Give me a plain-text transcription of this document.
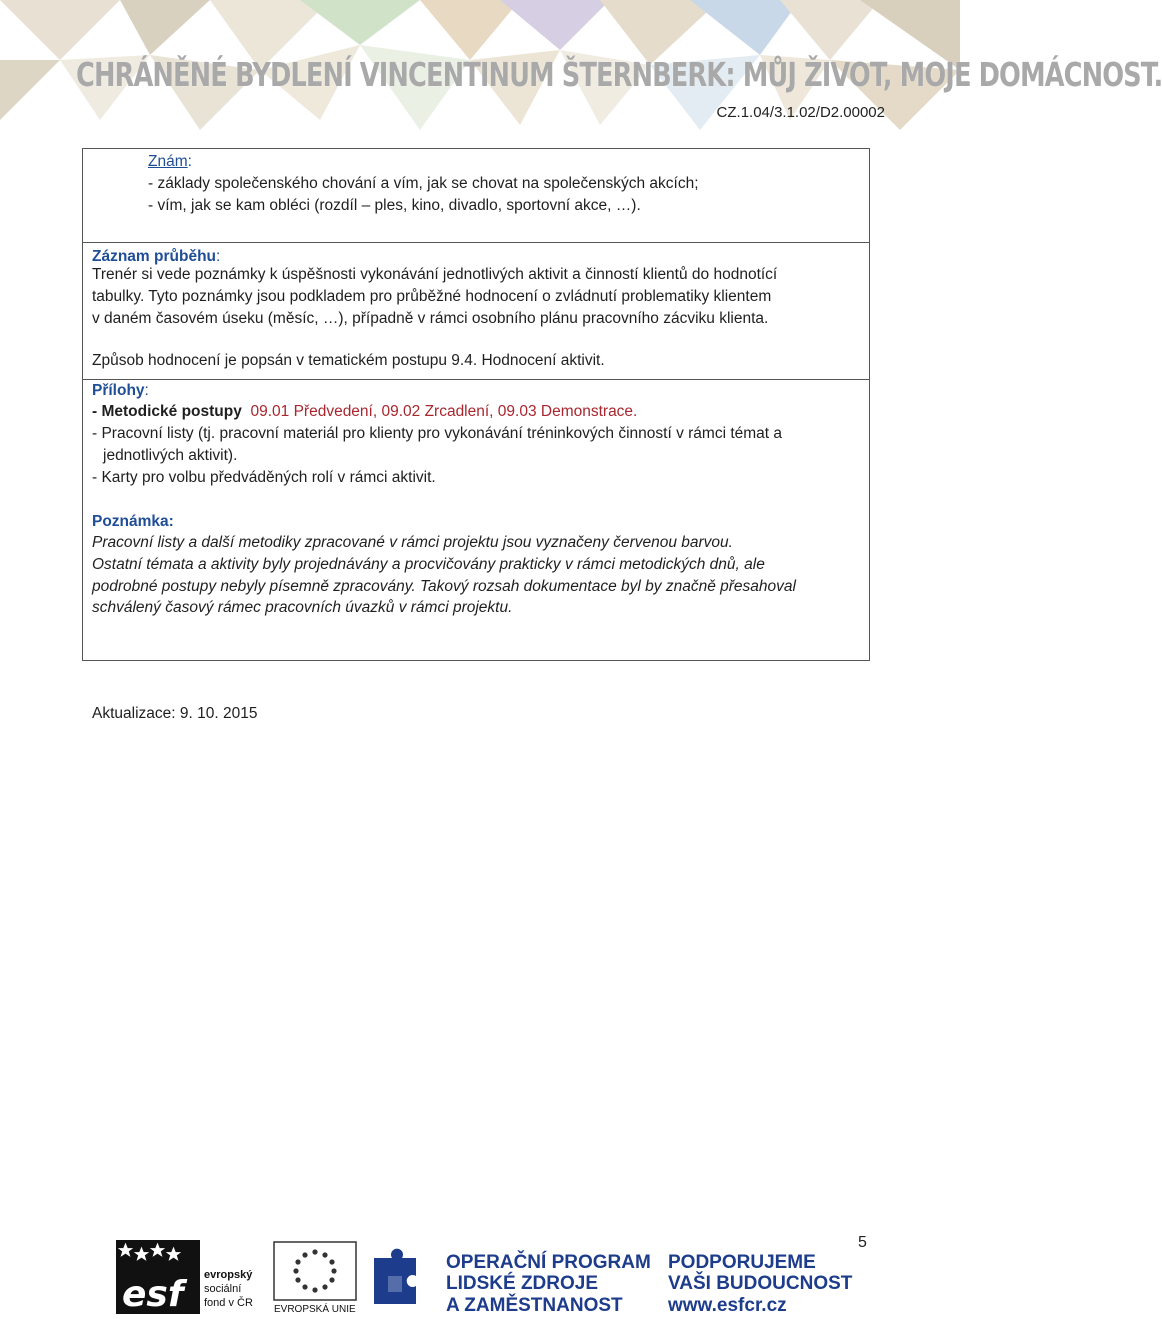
CHRÁNĚNÉ BYDLENÍ VINCENTINUM ŠTERNBERK: MŮJ ŽIVOT, MOJE DOMÁCNOST.
CZ.1.04/3.1.02/D2.00002
Znám:
- základy společenského chování a vím, jak se chovat na společenských akcích;
- vím, jak se kam obléci (rozdíl – ples, kino, divadlo, sportovní akce, …).
Záznam průběhu:
Trenér si vede poznámky k úspěšnosti vykonávání jednotlivých aktivit a činností klientů do hodnotící
tabulky. Tyto poznámky jsou podkladem pro průběžné hodnocení o zvládnutí problematiky klientem
v daném časovém úseku (měsíc, …), případně v rámci osobního plánu pracovního zácviku klienta.
Způsob hodnocení je popsán v tematickém postupu 9.4. Hodnocení aktivit.
Přílohy:
- Metodické postupy 09.01 Předvedení, 09.02 Zrcadlení, 09.03 Demonstrace.
- Pracovní listy (tj. pracovní materiál pro klienty pro vykonávání tréninkových činností v rámci témat a
jednotlivých aktivit).
- Karty pro volbu předváděných rolí v rámci aktivit.
Poznámka:
Pracovní listy a další metodiky zpracované v rámci projektu jsou vyznačeny červenou barvou.
Ostatní témata a aktivity byly projednávány a procvičovány prakticky v rámci metodických dnů, ale
podrobné postupy nebyly písemně zpracovány. Takový rozsah dokumentace byl by značně přesahoval
schválený časový rámec pracovních úvazků v rámci projektu.
Aktualizace: 9. 10. 2015
5
esf	evropský
sociální
fond v ČR
EVROPSKÁ UNIE
OPERAČNÍ PROGRAM
LIDSKÉ ZDROJE
A ZAMĚSTNANOST
PODPORUJEME
VAŠI BUDOUCNOST
www.esfcr.cz
